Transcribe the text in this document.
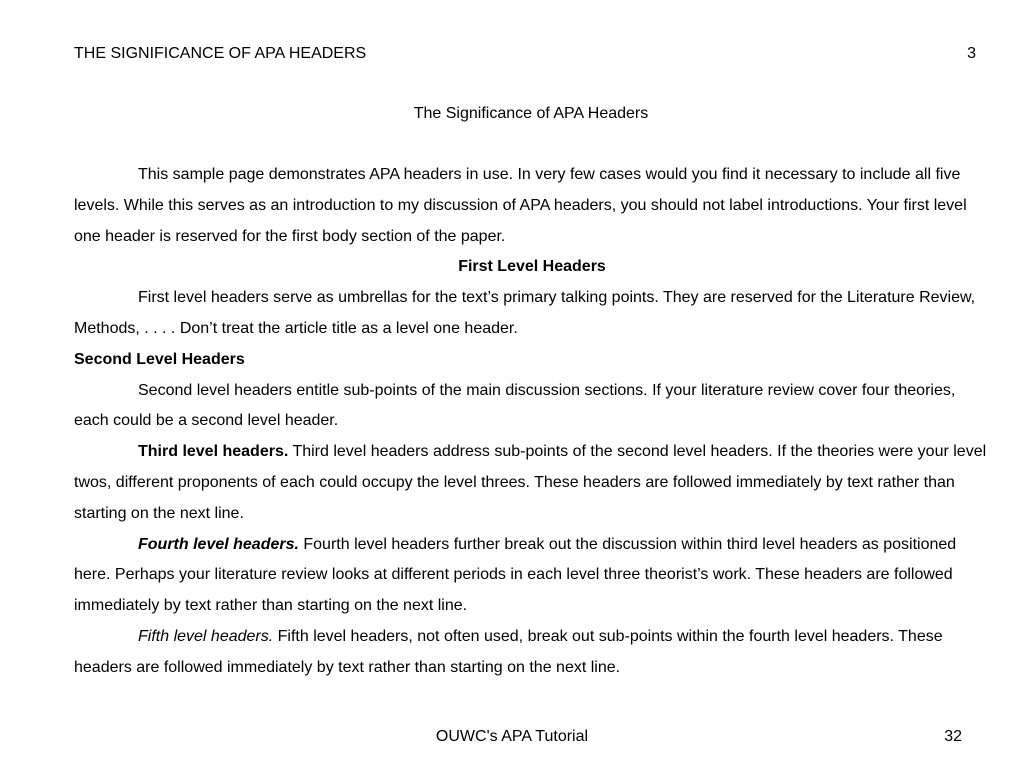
THE SIGNIFICANCE OF APA HEADERS	3
The Significance of APA Headers

This sample page demonstrates APA headers in use. In very few cases would you find it necessary to include all five levels. While this serves as an introduction to my discussion of APA headers, you should not label introductions. Your first level one header is reserved for the first body section of the paper.

First Level Headers

First level headers serve as umbrellas for the text’s primary talking points. They are reserved for the Literature Review, Methods, . . . . Don’t treat the article title as a level one header.

Second Level Headers

Second level headers entitle sub-points of the main discussion sections. If your literature review cover four theories, each could be a second level header.

Third level headers. Third level headers address sub-points of the second level headers. If the theories were your level twos, different proponents of each could occupy the level threes. These headers are followed immediately by text rather than starting on the next line.

Fourth level headers. Fourth level headers further break out the discussion within third level headers as positioned here. Perhaps your literature review looks at different periods in each level three theorist’s work. These headers are followed immediately by text rather than starting on the next line.

Fifth level headers. Fifth level headers, not often used, break out sub-points within the fourth level headers. These headers are followed immediately by text rather than starting on the next line.

OUWC's APA Tutorial	32
